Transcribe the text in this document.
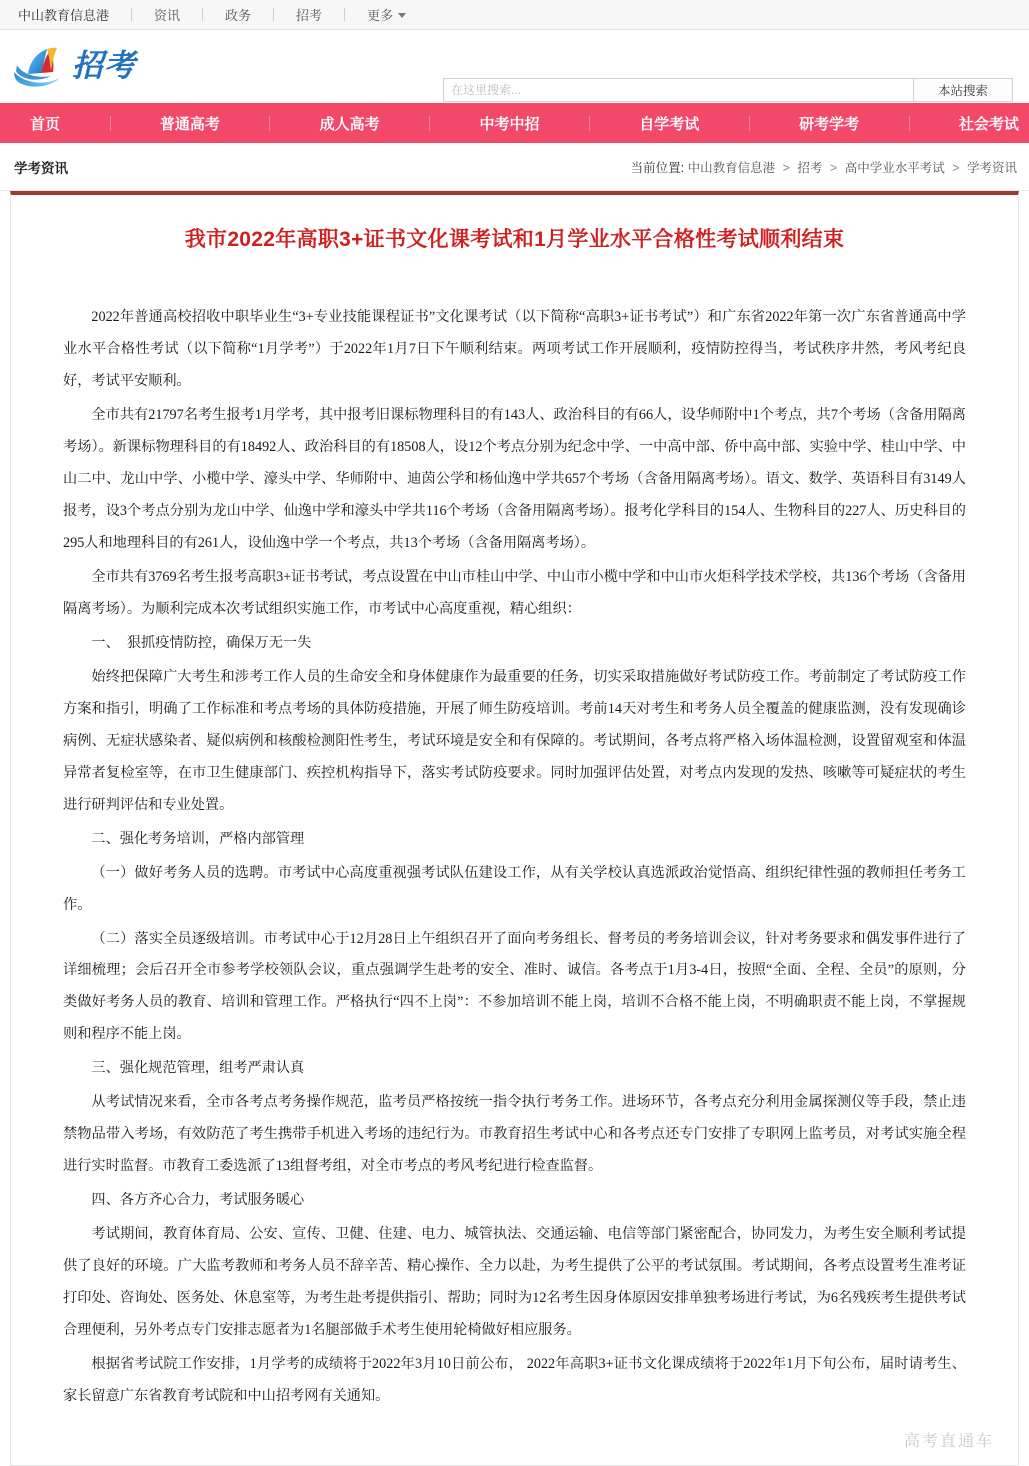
中山教育信息港	资讯	政务	招考	更多
招考
在这里搜索...
本站搜索
首页	普通高考	成人高考	中考中招	自学考试	研考学考	社会考试
学考资讯	当前位置: 中山教育信息港 > 招考 > 高中学业水平考试 > 学考资讯
我市2022年高职3+证书文化课考试和1月学业水平合格性考试顺利结束

2022年普通高校招收中职毕业生“3+专业技能课程证书”文化课考试（以下简称“高职3+证书考试”）和广东省2022年第一次广东省普通高中学业水平合格性考试（以下简称“1月学考”）于2022年1月7日下午顺利结束。两项考试工作开展顺利，疫情防控得当，考试秩序井然，考风考纪良好，考试平安顺利。

全市共有21797名考生报考1月学考，其中报考旧课标物理科目的有143人、政治科目的有66人，设华师附中1个考点，共7个考场（含备用隔离考场）。新课标物理科目的有18492人、政治科目的有18508人，设12个考点分别为纪念中学、一中高中部、侨中高中部、实验中学、桂山中学、中山二中、龙山中学、小榄中学、濠头中学、华师附中、迪茵公学和杨仙逸中学共657个考场（含备用隔离考场）。语文、数学、英语科目有3149人报考，设3个考点分别为龙山中学、仙逸中学和濠头中学共116个考场（含备用隔离考场）。报考化学科目的154人、生物科目的227人、历史科目的295人和地理科目的有261人，设仙逸中学一个考点，共13个考场（含备用隔离考场）。

全市共有3769名考生报考高职3+证书考试，考点设置在中山市桂山中学、中山市小榄中学和中山市火炬科学技术学校，共136个考场（含备用隔离考场）。为顺利完成本次考试组织实施工作，市考试中心高度重视，精心组织：

一、　狠抓疫情防控，确保万无一失

始终把保障广大考生和涉考工作人员的生命安全和身体健康作为最重要的任务，切实采取措施做好考试防疫工作。考前制定了考试防疫工作方案和指引，明确了工作标准和考点考场的具体防疫措施，开展了师生防疫培训。考前14天对考生和考务人员全覆盖的健康监测，没有发现确诊病例、无症状感染者、疑似病例和核酸检测阳性考生，考试环境是安全和有保障的。考试期间，各考点将严格入场体温检测，设置留观室和体温异常者复检室等，在市卫生健康部门、疾控机构指导下，落实考试防疫要求。同时加强评估处置，对考点内发现的发热、咳嗽等可疑症状的考生进行研判评估和专业处置。

二、强化考务培训，严格内部管理

（一）做好考务人员的选聘。市考试中心高度重视强考试队伍建设工作，从有关学校认真选派政治觉悟高、组织纪律性强的教师担任考务工作。

（二）落实全员逐级培训。市考试中心于12月28日上午组织召开了面向考务组长、督考员的考务培训会议，针对考务要求和偶发事件进行了详细梳理；会后召开全市参考学校领队会议，重点强调学生赴考的安全、准时、诚信。各考点于1月3-4日，按照“全面、全程、全员”的原则，分类做好考务人员的教育、培训和管理工作。严格执行“四不上岗”：不参加培训不能上岗，培训不合格不能上岗，不明确职责不能上岗，不掌握规则和程序不能上岗。

三、强化规范管理，组考严肃认真

从考试情况来看，全市各考点考务操作规范，监考员严格按统一指令执行考务工作。进场环节，各考点充分利用金属探测仪等手段，禁止违禁物品带入考场，有效防范了考生携带手机进入考场的违纪行为。市教育招生考试中心和各考点还专门安排了专职网上监考员，对考试实施全程进行实时监督。市教育工委选派了13组督考组，对全市考点的考风考纪进行检查监督。

四、各方齐心合力，考试服务暖心

考试期间，教育体育局、公安、宣传、卫健、住建、电力、城管执法、交通运输、电信等部门紧密配合，协同发力，为考生安全顺利考试提供了良好的环境。广大监考教师和考务人员不辞辛苦、精心操作、全力以赴，为考生提供了公平的考试氛围。考试期间，各考点设置考生准考证打印处、咨询处、医务处、休息室等，为考生赴考提供指引、帮助；同时为12名考生因身体原因安排单独考场进行考试，为6名残疾考生提供考试合理便利，另外考点专门安排志愿者为1名腿部做手术考生使用轮椅做好相应服务。

根据省考试院工作安排，1月学考的成绩将于2022年3月10日前公布， 2022年高职3+证书文化课成绩将于2022年1月下旬公布，届时请考生、家长留意广东省教育考试院和中山招考网有关通知。

高考直通车
